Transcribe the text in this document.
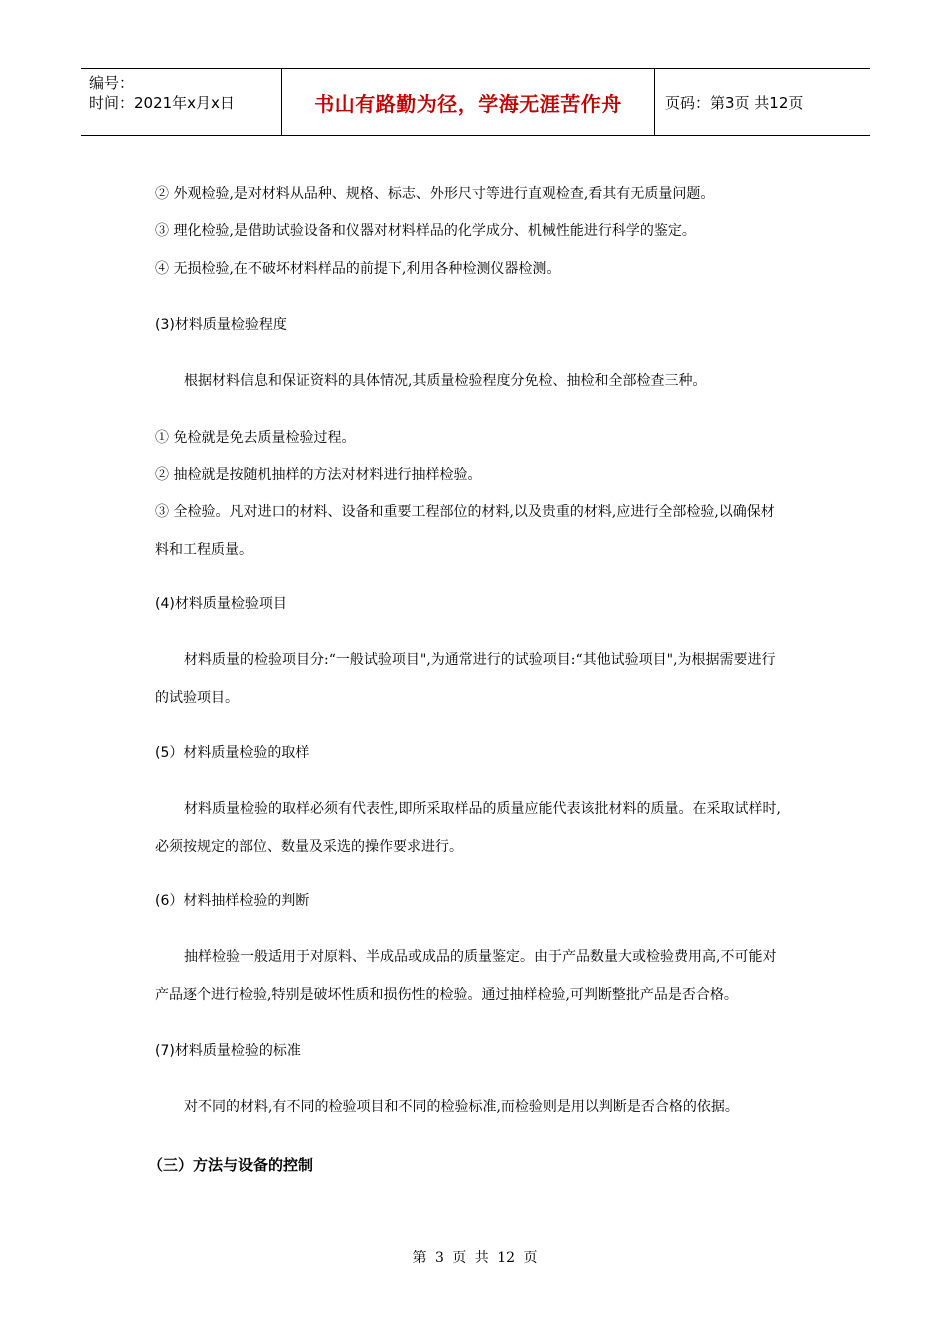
编号：
时间：2021年x月x日	书山有路勤为径，学海无涯苦作舟	页码：第3页 共12页
② 外观检验,是对材料从品种、规格、标志、外形尺寸等进行直观检查,看其有无质量问题。
③ 理化检验,是借助试验设备和仪器对材料样品的化学成分、机械性能进行科学的鉴定。
④ 无损检验,在不破坏材料样品的前提下,利用各种检测仪器检测。
(3)材料质量检验程度
根据材料信息和保证资料的具体情况,其质量检验程度分免检、抽检和全部检查三种。
① 免检就是免去质量检验过程。
② 抽检就是按随机抽样的方法对材料进行抽样检验。
③ 全检验。凡对进口的材料、设备和重要工程部位的材料,以及贵重的材料,应进行全部检验,以确保材
料和工程质量。
(4)材料质量检验项目
材料质量的检验项目分:“一般试验项目",为通常进行的试验项目:“其他试验项目",为根据需要进行
的试验项目。
(5）材料质量检验的取样
材料质量检验的取样必须有代表性,即所采取样品的质量应能代表该批材料的质量。在采取试样时,
必须按规定的部位、数量及采选的操作要求进行。
(6）材料抽样检验的判断
抽样检验一般适用于对原料、半成品或成品的质量鉴定。由于产品数量大或检验费用高,不可能对
产品逐个进行检验,特别是破坏性质和损伤性的检验。通过抽样检验,可判断整批产品是否合格。
(7)材料质量检验的标准
对不同的材料,有不同的检验项目和不同的检验标准,而检验则是用以判断是否合格的依据。
（三）方法与设备的控制
第 3 页 共 12 页
